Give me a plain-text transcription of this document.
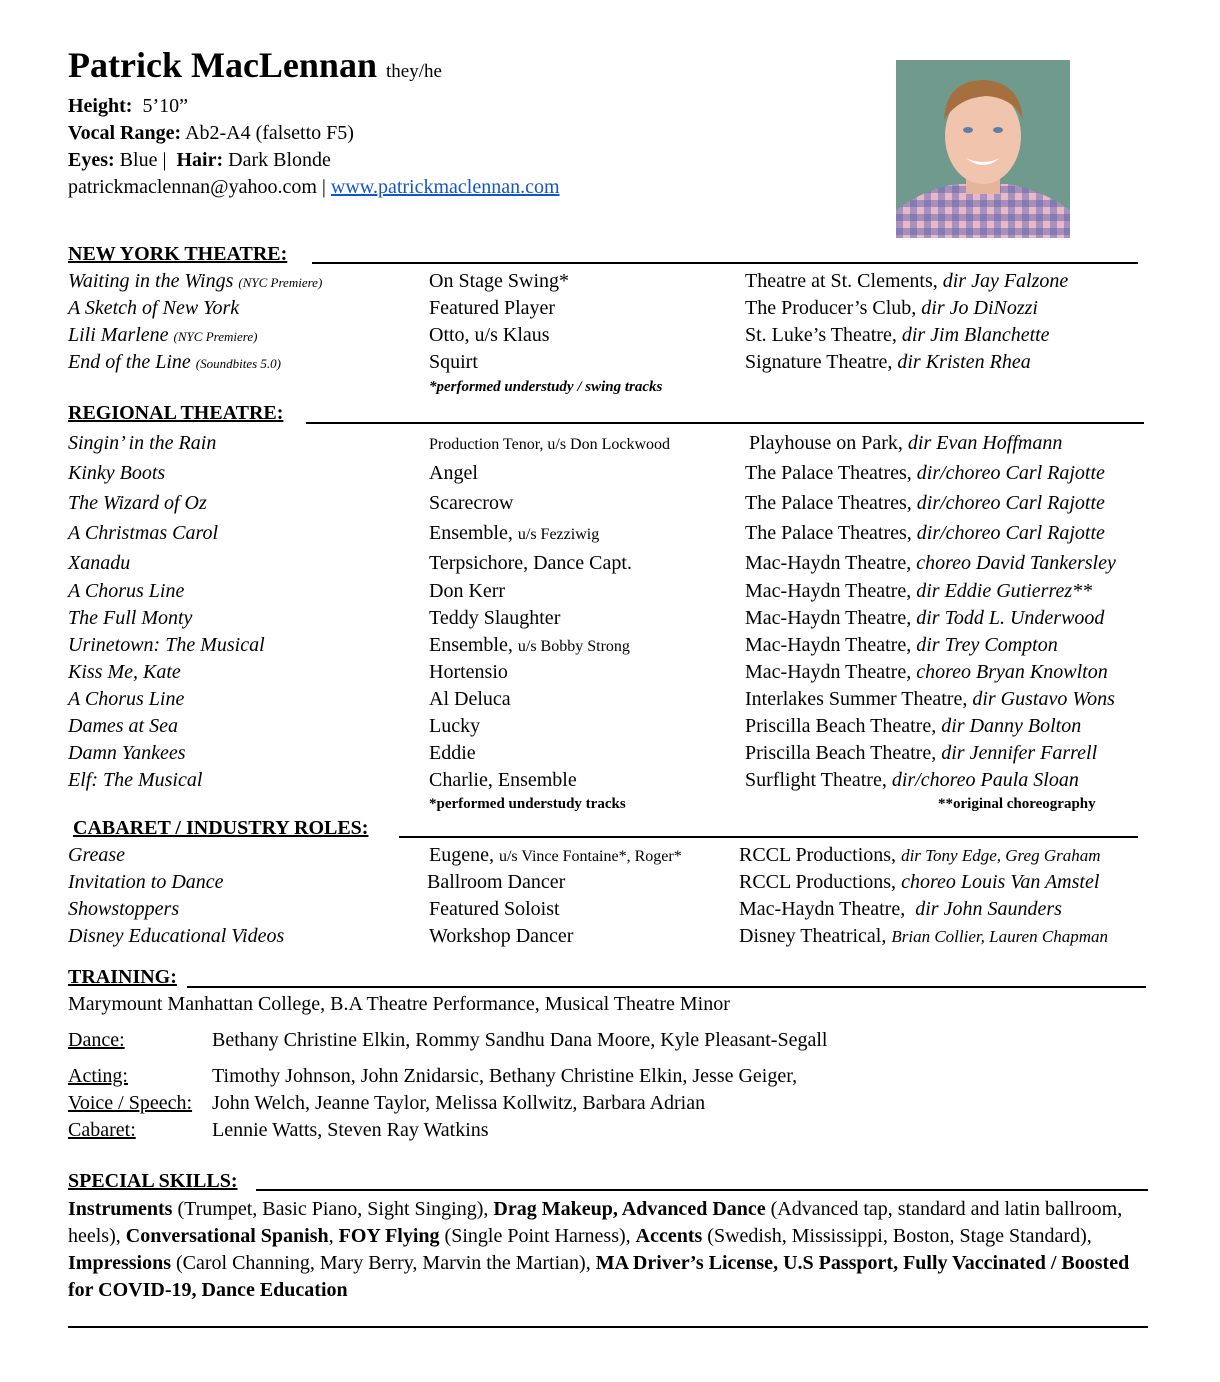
Patrick MacLennan they/he
Height: 5’10”
Vocal Range: Ab2-A4 (falsetto F5)
Eyes: Blue |  Hair: Dark Blonde
patrickmaclennan@yahoo.com | www.patrickmaclennan.com
NEW YORK THEATRE:
Waiting in the Wings (NYC Premiere)	On Stage Swing*	Theatre at St. Clements, dir Jay Falzone
A Sketch of New York	Featured Player	The Producer’s Club, dir Jo DiNozzi
Lili Marlene (NYC Premiere)	Otto, u/s Klaus	St. Luke’s Theatre, dir Jim Blanchette
End of the Line (Soundbites 5.0)	Squirt	Signature Theatre, dir Kristen Rhea
*performed understudy / swing tracks
REGIONAL THEATRE:
Singin’ in the Rain	Production Tenor, u/s Don Lockwood	Playhouse on Park, dir Evan Hoffmann
Kinky Boots	Angel	The Palace Theatres, dir/choreo Carl Rajotte
The Wizard of Oz	Scarecrow	The Palace Theatres, dir/choreo Carl Rajotte
A Christmas Carol	Ensemble, u/s Fezziwig	The Palace Theatres, dir/choreo Carl Rajotte
Xanadu	Terpsichore, Dance Capt.	Mac-Haydn Theatre, choreo David Tankersley
A Chorus Line	Don Kerr	Mac-Haydn Theatre, dir Eddie Gutierrez**
The Full Monty	Teddy Slaughter	Mac-Haydn Theatre, dir Todd L. Underwood
Urinetown: The Musical	Ensemble, u/s Bobby Strong	Mac-Haydn Theatre, dir Trey Compton
Kiss Me, Kate	Hortensio	Mac-Haydn Theatre, choreo Bryan Knowlton
A Chorus Line	Al Deluca	Interlakes Summer Theatre, dir Gustavo Wons
Dames at Sea	Lucky	Priscilla Beach Theatre, dir Danny Bolton
Damn Yankees	Eddie	Priscilla Beach Theatre, dir Jennifer Farrell
Elf: The Musical	Charlie, Ensemble	Surflight Theatre, dir/choreo Paula Sloan
*performed understudy tracks	**original choreography
CABARET / INDUSTRY ROLES:
Grease	Eugene, u/s Vince Fontaine*, Roger*	RCCL Productions, dir Tony Edge, Greg Graham
Invitation to Dance	Ballroom Dancer	RCCL Productions, choreo Louis Van Amstel
Showstoppers	Featured Soloist	Mac-Haydn Theatre, dir John Saunders
Disney Educational Videos	Workshop Dancer	Disney Theatrical, Brian Collier, Lauren Chapman
TRAINING:
Marymount Manhattan College, B.A Theatre Performance, Musical Theatre Minor
Dance:	Bethany Christine Elkin, Rommy Sandhu Dana Moore, Kyle Pleasant-Segall
Acting:	Timothy Johnson, John Znidarsic, Bethany Christine Elkin, Jesse Geiger,
Voice / Speech: John Welch, Jeanne Taylor, Melissa Kollwitz, Barbara Adrian
Cabaret:	Lennie Watts, Steven Ray Watkins
SPECIAL SKILLS:
Instruments (Trumpet, Basic Piano, Sight Singing), Drag Makeup, Advanced Dance (Advanced tap, standard and latin ballroom, heels), Conversational Spanish, FOY Flying (Single Point Harness), Accents (Swedish, Mississippi, Boston, Stage Standard), Impressions (Carol Channing, Mary Berry, Marvin the Martian), MA Driver’s License, U.S Passport, Fully Vaccinated / Boosted for COVID-19, Dance Education
